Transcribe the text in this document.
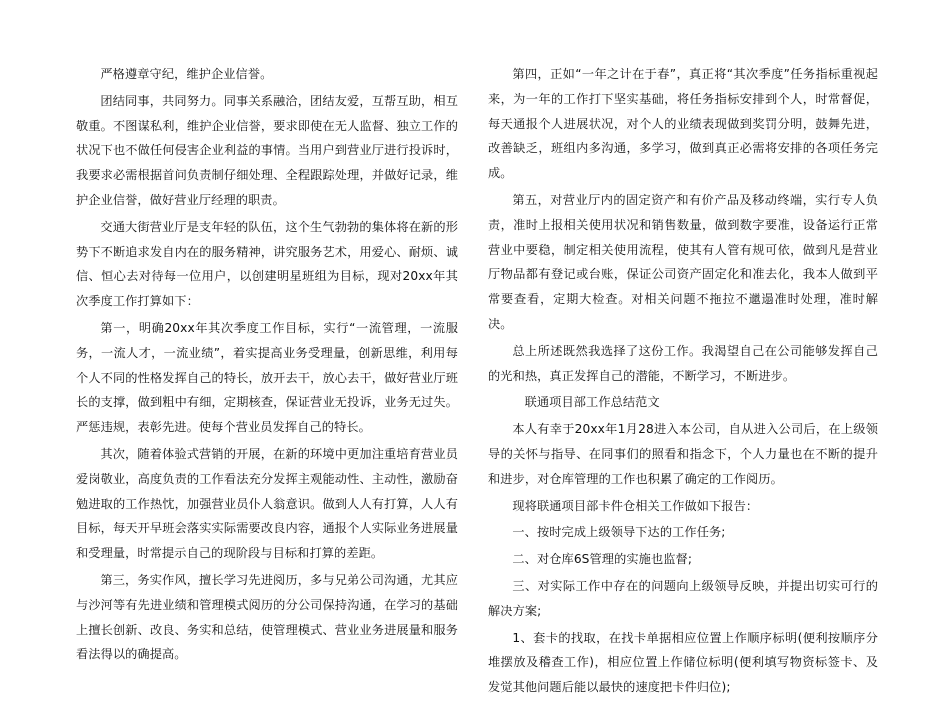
严格遵章守纪，维护企业信誉。

团结同事，共同努力。同事关系融洽，团结友爱，互帮互助，相互敬重。不图谋私利，维护企业信誉，要求即使在无人监督、独立工作的状况下也不做任何侵害企业利益的事情。当用户到营业厅进行投诉时，我要求必需根据首问负责制仔细处理、全程跟踪处理，并做好记录，维护企业信誉，做好营业厅经理的职责。

交通大街营业厅是支年轻的队伍，这个生气勃勃的集体将在新的形势下不断追求发自内在的服务精神，讲究服务艺术，用爱心、耐烦、诚信、恒心去对待每一位用户，以创建明星班组为目标，现对20xx年其次季度工作打算如下：

第一，明确20xx年其次季度工作目标，实行“一流管理，一流服务，一流人才，一流业绩”，着实提高业务受理量，创新思维，利用每个人不同的性格发挥自己的特长，放开去干，放心去干，做好营业厅班长的支撑，做到粗中有细，定期核查，保证营业无投诉，业务无过失。严惩违规，表彰先进。使每个营业员发挥自己的特长。

其次，随着体验式营销的开展，在新的环境中更加注重培育营业员爱岗敬业，高度负责的工作看法充分发挥主观能动性、主动性，激励奋勉进取的工作热忱，加强营业员仆人翁意识。做到人人有打算，人人有目标，每天开早班会落实实际需要改良内容，通报个人实际业务进展量和受理量，时常提示自己的现阶段与目标和打算的差距。

第三，务实作风，擅长学习先进阅历，多与兄弟公司沟通，尤其应与沙河等有先进业绩和管理模式阅历的分公司保持沟通，在学习的基础上擅长创新、改良、务实和总结，使管理模式、营业业务进展量和服务看法得以的确提高。

第四，正如“一年之计在于春”，真正将“其次季度”任务指标重视起来，为一年的工作打下坚实基础，将任务指标安排到个人，时常督促，每天通报个人进展状况，对个人的业绩表现做到奖罚分明，鼓舞先进，改善缺乏，班组内多沟通，多学习，做到真正必需将安排的各项任务完成。

第五，对营业厅内的固定资产和有价产品及移动终端，实行专人负责，准时上报相关使用状况和销售数量，做到数字要准，设备运行正常营业中要稳，制定相关使用流程，使其有人管有规可依，做到凡是营业厅物品都有登记或台账，保证公司资产固定化和准去化，我本人做到平常要查看，定期大检查。对相关问题不拖拉不邋遢准时处理，准时解决。

总上所述既然我选择了这份工作。我渴望自己在公司能够发挥自己的光和热，真正发挥自己的潜能，不断学习，不断进步。

联通项目部工作总结范文

本人有幸于20xx年1月28进入本公司，自从进入公司后，在上级领导的关怀与指导、在同事们的照看和指念下，个人力量也在不断的提升和进步，对仓库管理的工作也积累了确定的工作阅历。

现将联通项目部卡件仓相关工作做如下报告：

一、按时完成上级领导下达的工作任务;

二、对仓库6S管理的实施也监督;

三、对实际工作中存在的问题向上级领导反映，并提出切实可行的解决方案;

1、套卡的找取，在找卡单据相应位置上作顺序标明(便利按顺序分堆摆放及稽查工作)，相应位置上作储位标明(便利填写物资标签卡、及发觉其他问题后能以最快的速度把卡件归位);
